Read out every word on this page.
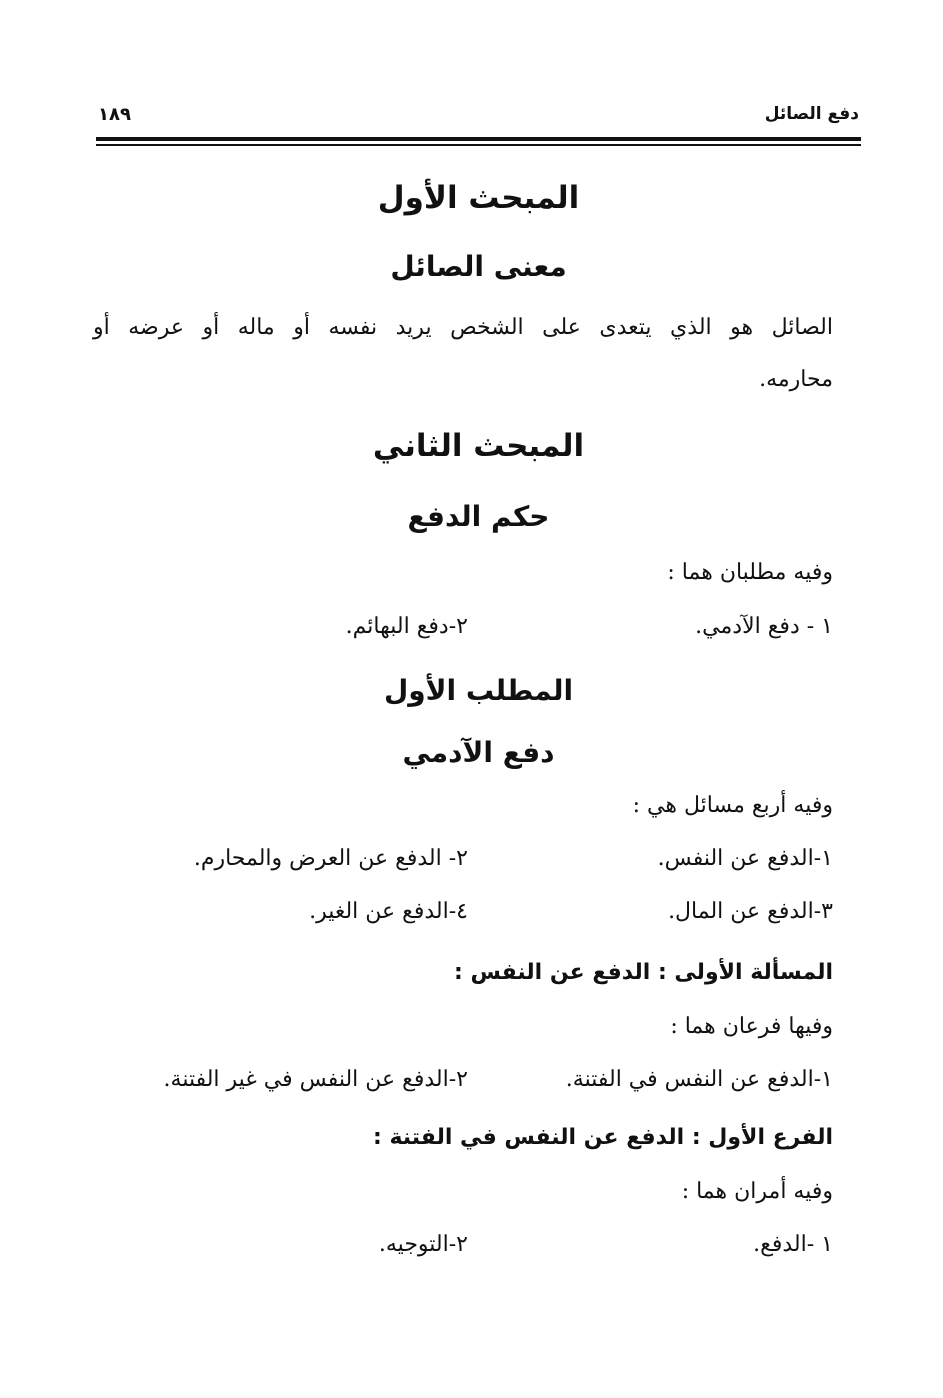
دفع الصائل
١٨٩
المبحث الأول
معنى الصائل
الصائل هو الذي يتعدى على الشخص يريد نفسه أو ماله أو عرضه أو
محارمه.
المبحث الثاني
حكم الدفع
وفيه مطلبان هما :
١ - دفع الآدمي.
٢-دفع البهائم.
المطلب الأول
دفع الآدمي
وفيه أربع مسائل هي :
١-الدفع عن النفس.
٢- الدفع عن العرض والمحارم.
٣-الدفع عن المال.
٤-الدفع عن الغير.
المسألة الأولى : الدفع عن النفس :
وفيها فرعان هما :
١-الدفع عن النفس في الفتنة.
٢-الدفع عن النفس في غير الفتنة.
الفرع الأول : الدفع عن النفس في الفتنة :
وفيه أمران هما :
١ -الدفع.
٢-التوجيه.
